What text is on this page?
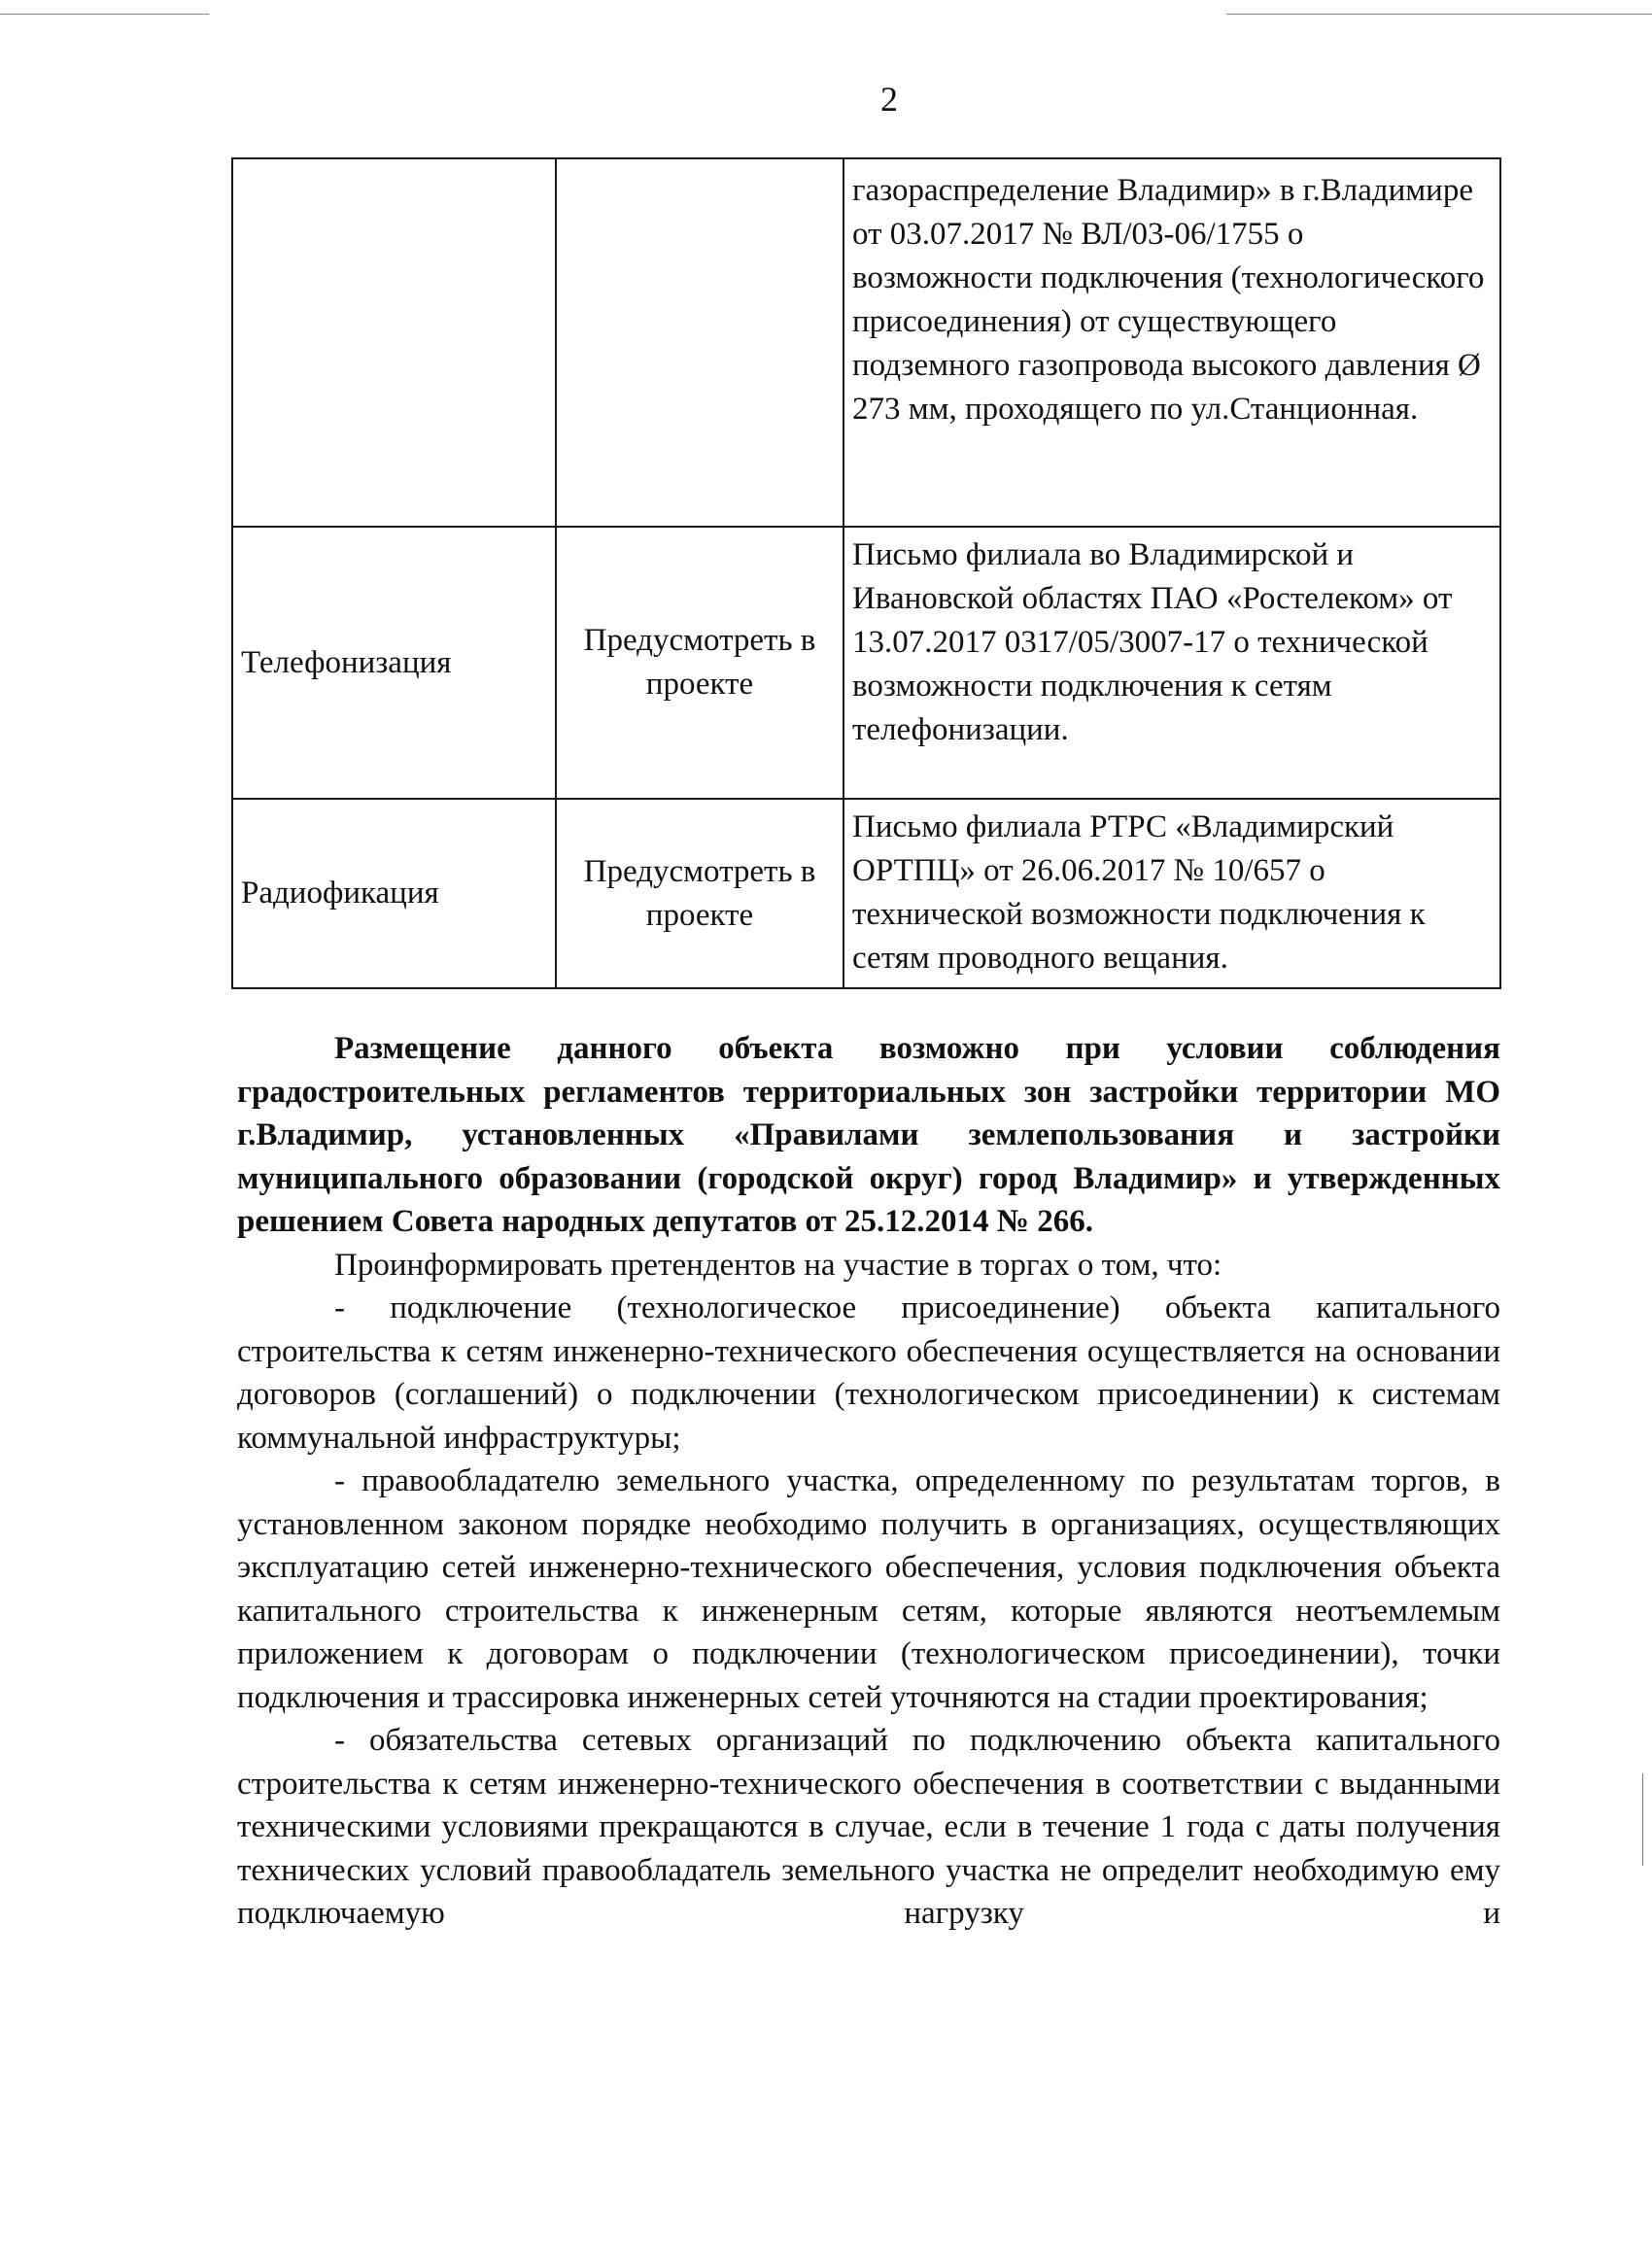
2
		газораспределение Владимир» в г.Владимире от 03.07.2017 № ВЛ/03-06/1755 о возможности подключения (технологического присоединения) от существующего подземного газопровода высокого давления Ø 273 мм, проходящего по ул.Станционная.
Телефонизация	Предусмотреть в проекте	Письмо филиала во Владимирской и Ивановской областях ПАО «Ростелеком» от 13.07.2017 0317/05/3007-17 о технической возможности подключения к сетям телефонизации.
Радиофикация	Предусмотреть в проекте	Письмо филиала РТРС «Владимирский ОРТПЦ» от 26.06.2017 № 10/657 о технической возможности подключения к сетям проводного вещания.

Размещение данного объекта возможно при условии соблюдения градостроительных регламентов территориальных зон застройки территории МО г.Владимир, установленных «Правилами землепользования и застройки муниципального образовании (городской округ) город Владимир» и утвержденных решением Совета народных депутатов от 25.12.2014 № 266.

Проинформировать претендентов на участие в торгах о том, что:

- подключение (технологическое присоединение) объекта капитального строительства к сетям инженерно-технического обеспечения осуществляется на основании договоров (соглашений) о подключении (технологическом присоединении) к системам коммунальной инфраструктуры;

- правообладателю земельного участка, определенному по результатам торгов, в установленном законом порядке необходимо получить в организациях, осуществляющих эксплуатацию сетей инженерно-технического обеспечения, условия подключения объекта капитального строительства к инженерным сетям, которые являются неотъемлемым приложением к договорам о подключении (технологическом присоединении), точки подключения и трассировка инженерных сетей уточняются на стадии проектирования;

- обязательства сетевых организаций по подключению объекта капитального строительства к сетям инженерно-технического обеспечения в соответствии с выданными техническими условиями прекращаются в случае, если в течение 1 года с даты получения технических условий правообладатель земельного участка не определит необходимую ему подключаемую нагрузку и
